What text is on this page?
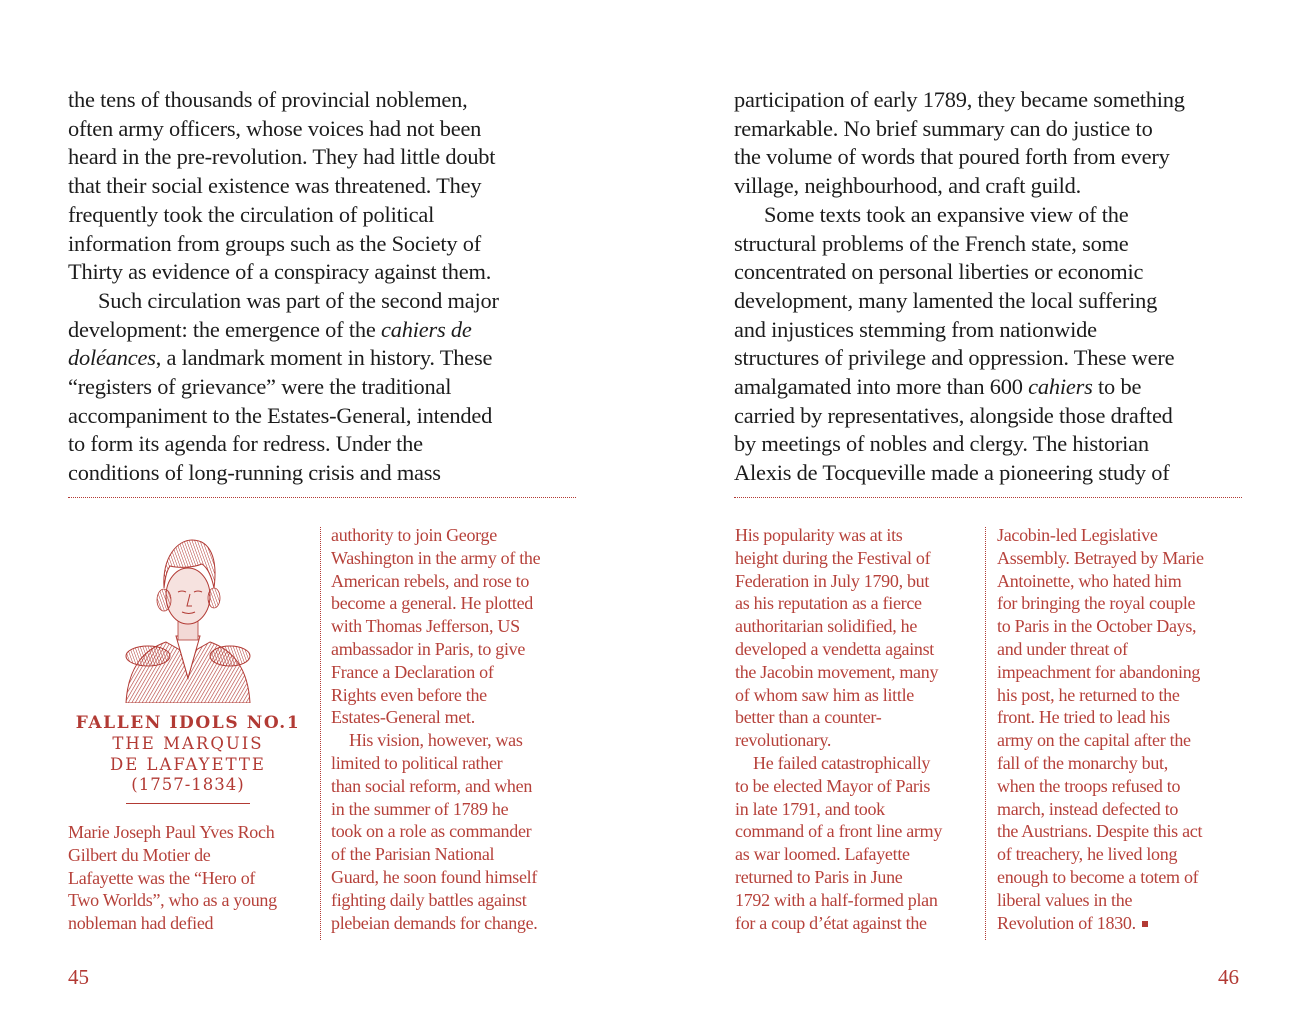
the tens of thousands of provincial noblemen,
often army officers, whose voices had not been
heard in the pre-revolution. They had little doubt
that their social existence was threatened. They
frequently took the circulation of political
information from groups such as the Society of
Thirty as evidence of a conspiracy against them.

Such circulation was part of the second major
development: the emergence of the cahiers de
doléances, a landmark moment in history. These
“registers of grievance” were the traditional
accompaniment to the Estates-General, intended
to form its agenda for redress. Under the
conditions of long-running crisis and mass

FALLEN IDOLS NO.1
THE MARQUIS
DE LAFAYETTE
(1757-1834)
Marie Joseph Paul Yves Roch
Gilbert du Motier de
Lafayette was the “Hero of
Two Worlds”, who as a young
nobleman had defied
authority to join George
Washington in the army of the
American rebels, and rose to
become a general. He plotted
with Thomas Jefferson, US
ambassador in Paris, to give
France a Declaration of
Rights even before the
Estates-General met.
His vision, however, was
limited to political rather
than social reform, and when
in the summer of 1789 he
took on a role as commander
of the Parisian National
Guard, he soon found himself
fighting daily battles against
plebeian demands for change.
45

participation of early 1789, they became something
remarkable. No brief summary can do justice to
the volume of words that poured forth from every
village, neighbourhood, and craft guild.

Some texts took an expansive view of the
structural problems of the French state, some
concentrated on personal liberties or economic
development, many lamented the local suffering
and injustices stemming from nationwide
structures of privilege and oppression. These were
amalgamated into more than 600 cahiers to be
carried by representatives, alongside those drafted
by meetings of nobles and clergy. The historian
Alexis de Tocqueville made a pioneering study of

His popularity was at its
height during the Festival of
Federation in July 1790, but
as his reputation as a fierce
authoritarian solidified, he
developed a vendetta against
the Jacobin movement, many
of whom saw him as little
better than a counter-
revolutionary.
He failed catastrophically
to be elected Mayor of Paris
in late 1791, and took
command of a front line army
as war loomed. Lafayette
returned to Paris in June
1792 with a half-formed plan
for a coup d’état against the
Jacobin-led Legislative
Assembly. Betrayed by Marie
Antoinette, who hated him
for bringing the royal couple
to Paris in the October Days,
and under threat of
impeachment for abandoning
his post, he returned to the
front. He tried to lead his
army on the capital after the
fall of the monarchy but,
when the troops refused to
march, instead defected to
the Austrians. Despite this act
of treachery, he lived long
enough to become a totem of
liberal values in the
Revolution of 1830.
46
